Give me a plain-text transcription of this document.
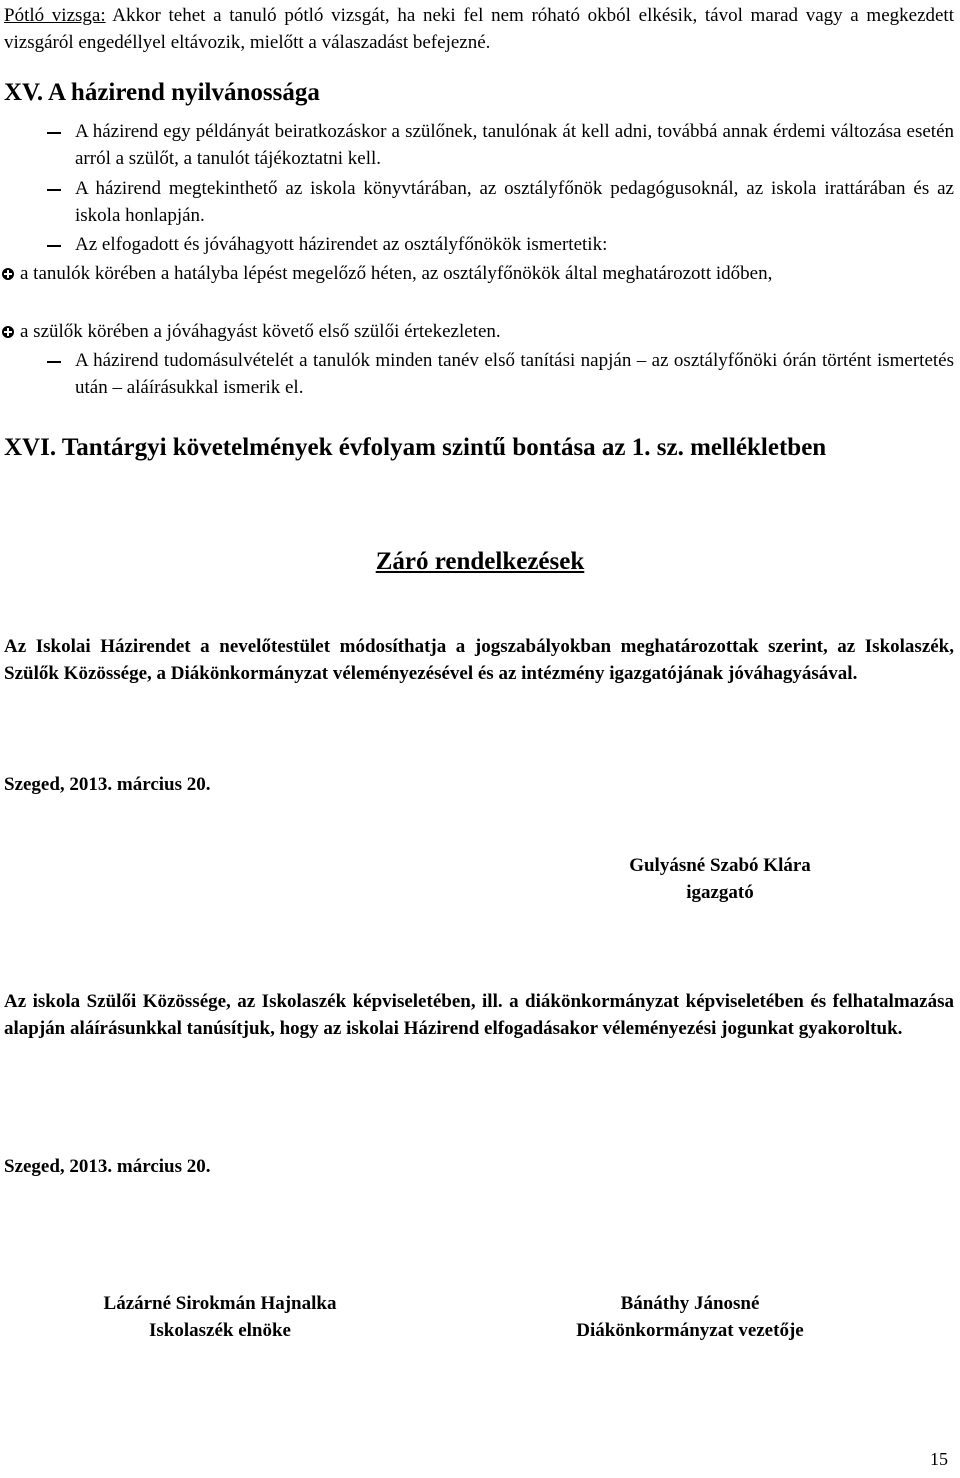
Pótló vizsga: Akkor tehet a tanuló pótló vizsgát, ha neki fel nem róható okból elkésik, távol marad vagy a megkezdett vizsgáról engedéllyel eltávozik, mielőtt a válaszadást befejezné.
XV. A házirend nyilvánossága
A házirend egy példányát beiratkozáskor a szülőnek, tanulónak át kell adni, továbbá annak érdemi változása esetén arról a szülőt, a tanulót tájékoztatni kell.
A házirend megtekinthető az iskola könyvtárában, az osztályfőnök pedagógusoknál, az iskola irattárában és az iskola honlapján.
Az elfogadott és jóváhagyott házirendet az osztályfőnökök ismertetik:
a tanulók körében a hatályba lépést megelőző héten, az osztályfőnökök által meghatározott időben,
a szülők körében a jóváhagyást követő első szülői értekezleten.
A házirend tudomásulvételét a tanulók minden tanév első tanítási napján – az osztályfőnöki órán történt ismertetés után – aláírásukkal ismerik el.
XVI. Tantárgyi követelmények évfolyam szintű bontása az 1. sz. mellékletben
Záró rendelkezések
Az Iskolai Házirendet a nevelőtestület módosíthatja a jogszabályokban meghatározottak szerint, az Iskolaszék, Szülők Közössége, a Diákönkormányzat véleményezésével és az intézmény igazgatójának jóváhagyásával.
Szeged, 2013. március 20.
Gulyásné Szabó Klára
igazgató
Az iskola Szülői Közössége, az Iskolaszék képviseletében, ill. a diákönkormányzat képviseletében és felhatalmazása alapján aláírásunkkal tanúsítjuk, hogy az iskolai Házirend elfogadásakor véleményezési jogunkat gyakoroltuk.
Szeged, 2013. március 20.
Lázárné Sirokmán Hajnalka
Iskolaszék elnöke
Bánáthy Jánosné
Diákönkormányzat vezetője
15
